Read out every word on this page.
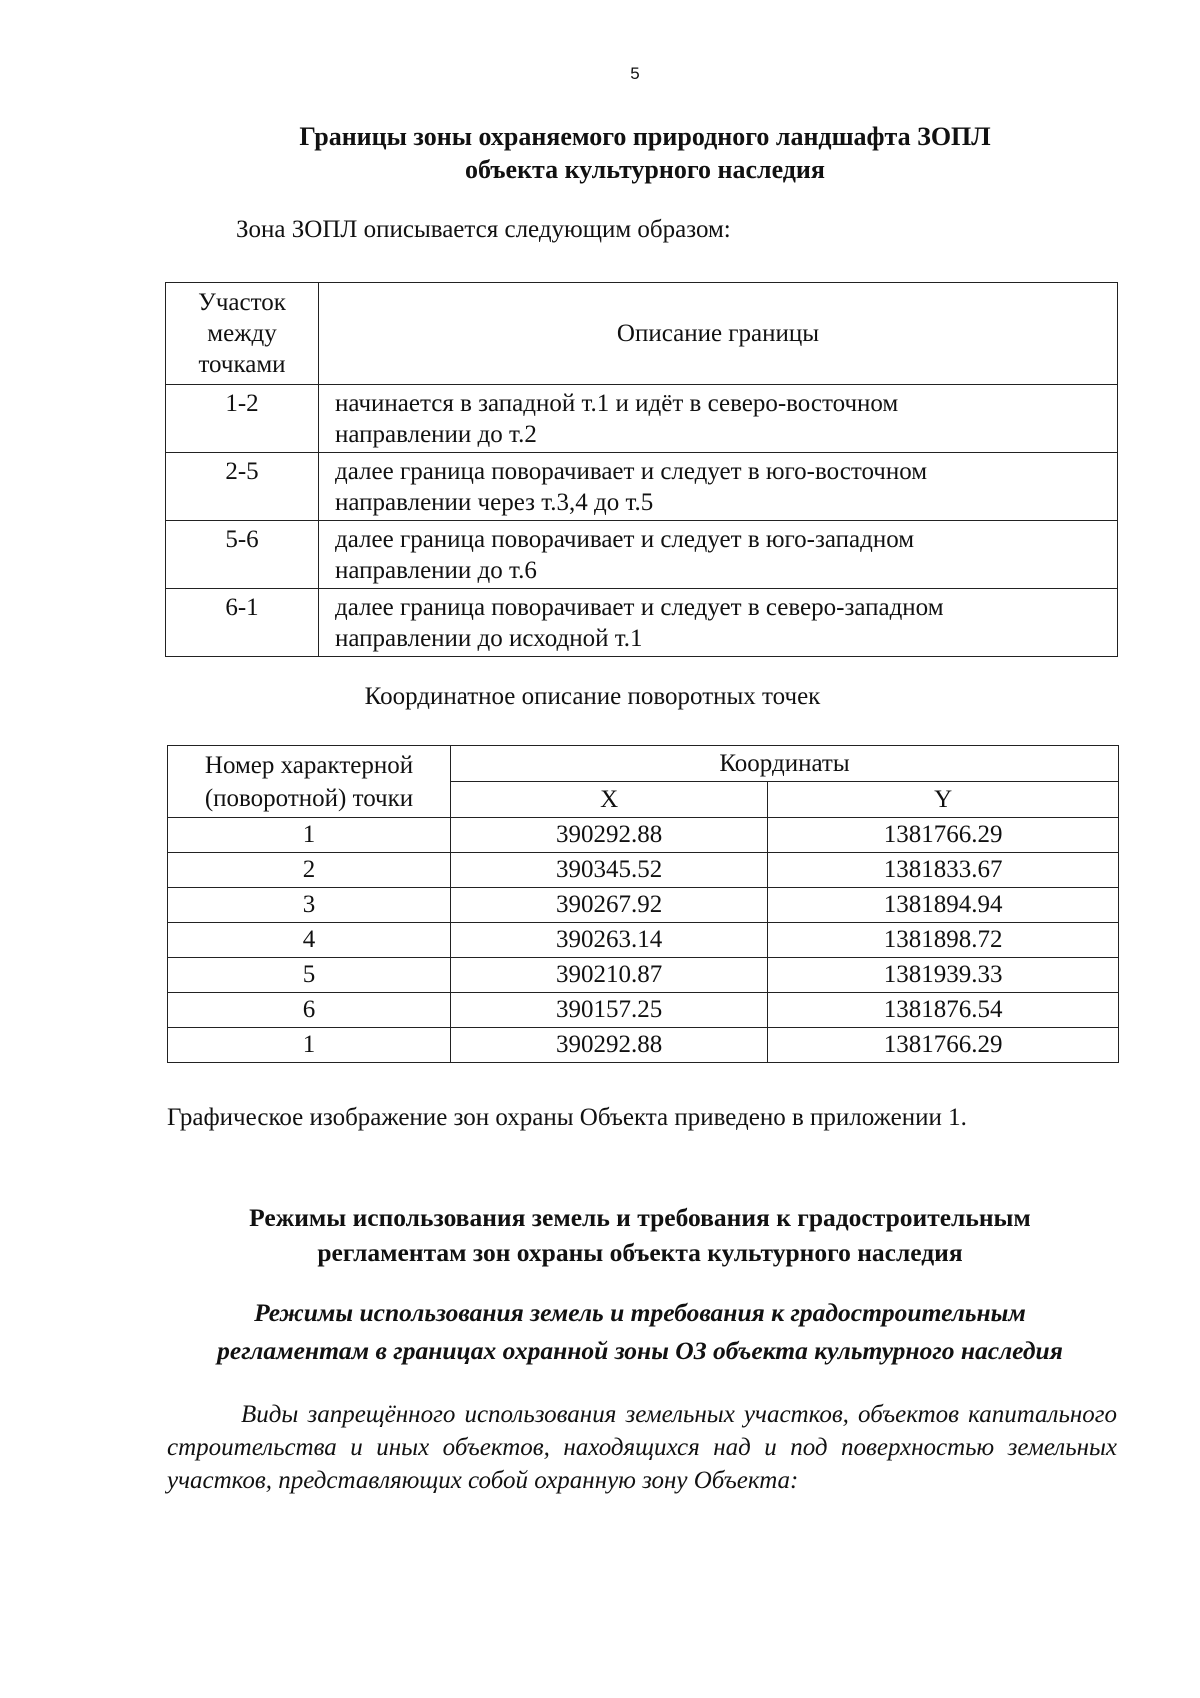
5
Границы зоны охраняемого природного ландшафта ЗОПЛ
объекта культурного наследия
Зона ЗОПЛ описывается следующим образом:
Участок
между
точками	Описание границы
1-2	начинается в западной т.1 и идёт в северо-восточном
направлении до т.2

2-5	далее граница поворачивает и следует в юго-восточном
направлении через т.3,4 до т.5

5-6	далее граница поворачивает и следует в юго-западном
направлении до т.6

6-1	далее граница поворачивает и следует в северо-западном
направлении до исходной т.1
Координатное описание поворотных точек
Номер характерной
(поворотной) точки	Координаты	
	X	Y
1	390292.88	1381766.29
2	390345.52	1381833.67
3	390267.92	1381894.94
4	390263.14	1381898.72
5	390210.87	1381939.33
6	390157.25	1381876.54
1	390292.88	1381766.29
Графическое изображение зон охраны Объекта приведено в приложении 1.
Режимы использования земель и требования к градостроительным
регламентам зон охраны объекта культурного наследия
Режимы использования земель и требования к градостроительным
регламентам в границах охранной зоны ОЗ объекта культурного наследия
Виды запрещённого использования земельных участков, объектов капитального строительства и иных объектов, находящихся над и под поверхностью земельных участков, представляющих собой охранную зону Объекта:
